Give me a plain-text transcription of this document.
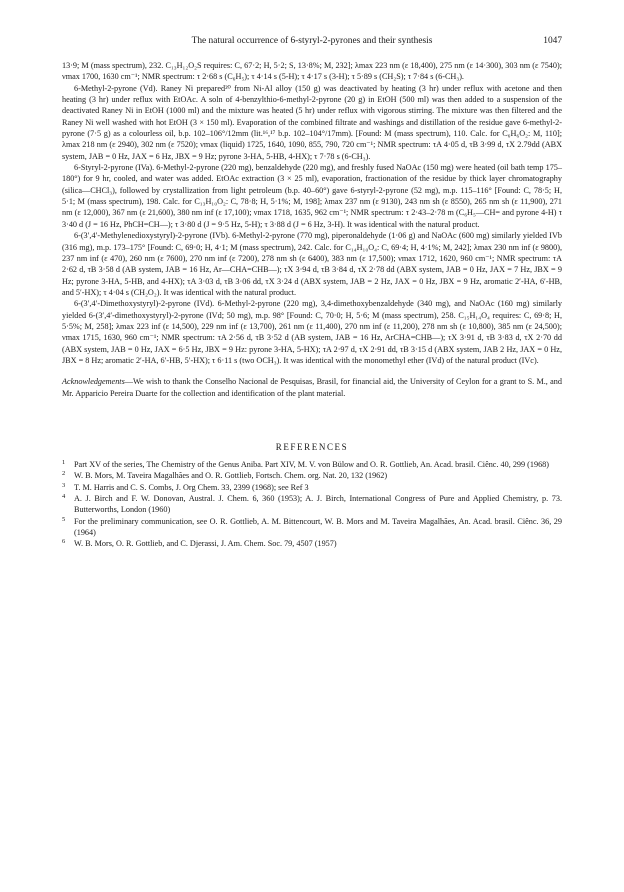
The natural occurrence of 6-styryl-2-pyrones and their synthesis	1047

13·9; M (mass spectrum), 232. C₁₃H₁₂O₂S requires: C, 67·2; H, 5·2; S, 13·8%; M, 232]; λmax 223 nm (ε 18,400), 275 nm (ε 14·300), 303 nm (ε 7540); νmax 1700, 1630 cm⁻¹; NMR spectrum: τ 2·68 s (C₆H₅); τ 4·14 s (5-H); τ 4·17 s (3-H); τ 5·89 s (CH₂S); τ 7·84 s (6-CH₃).

6-Methyl-2-pyrone (Vd). Raney Ni prepared²⁰ from Ni-Al alloy (150 g) was deactivated by heating (3 hr) under reflux with acetone and then heating (3 hr) under reflux with EtOAc. A soln of 4-benzylthio-6-methyl-2-pyrone (20 g) in EtOH (500 ml) was then added to a suspension of the deactivated Raney Ni in EtOH (1000 ml) and the mixture was heated (5 hr) under reflux with vigorous stirring. The mixture was then filtered and the Raney Ni well washed with hot EtOH (3 × 150 ml). Evaporation of the combined filtrate and washings and distillation of the residue gave 6-methyl-2-pyrone (7·5 g) as a colourless oil, b.p. 102–106°/12mm (lit.¹⁶,¹⁷ b.p. 102–104°/17mm). [Found: M (mass spectrum), 110. Calc. for C₆H₆O₂: M, 110]; λmax 218 nm (ε 2940), 302 nm (ε 7520); νmax (liquid) 1725, 1640, 1090, 855, 790, 720 cm⁻¹; NMR spectrum: τA 4·05 d, τB 3·99 d, τX 2.79dd (ABX system, JAB = 0 Hz, JAX = 6 Hz, JBX = 9 Hz; pyrone 3-HA, 5-HB, 4-HX); τ 7·78 s (6-CH₃).

6-Styryl-2-pyrone (IVa). 6-Methyl-2-pyrone (220 mg), benzaldehyde (220 mg), and freshly fused NaOAc (150 mg) were heated (oil bath temp 175–180°) for 9 hr, cooled, and water was added. EtOAc extraction (3 × 25 ml), evaporation, fractionation of the residue by thick layer chromatography (silica—CHCl₃), followed by crystallization from light petroleum (b.p. 40–60°) gave 6-styryl-2-pyrone (52 mg), m.p. 115–116° [Found: C, 78·5; H, 5·1; M (mass spectrum), 198. Calc. for C₁₃H₁₀O₂: C, 78·8; H, 5·1%; M, 198]; λmax 237 nm (ε 9130), 243 nm sh (ε 8550), 265 nm sh (ε 11,900), 271 nm (ε 12,000), 367 nm (ε 21,600), 380 nm inf (ε 17,100); νmax 1718, 1635, 962 cm⁻¹; NMR spectrum: τ 2·43–2·78 m (C₆H₅—CH= and pyrone 4-H) τ 3·40 d (J = 16 Hz, PhCH=CH—); τ 3·80 d (J = 9·5 Hz, 5-H); τ 3·88 d (J = 6 Hz, 3-H). It was identical with the natural product.

6-(3′,4′-Methylenedioxystyryl)-2-pyrone (IVb). 6-Methyl-2-pyrone (770 mg), piperonaldehyde (1·06 g) and NaOAc (600 mg) similarly yielded IVb (316 mg), m.p. 173–175° [Found: C, 69·0; H, 4·1; M (mass spectrum), 242. Calc. for C₁₄H₁₀O₄: C, 69·4; H, 4·1%; M, 242]; λmax 230 nm inf (ε 9800), 237 nm inf (ε 470), 260 nm (ε 7600), 270 nm inf (ε 7200), 278 nm sh (ε 6400), 383 nm (ε 17,500); νmax 1712, 1620, 960 cm⁻¹; NMR spectrum: τA 2·62 d, τB 3·58 d (AB system, JAB = 16 Hz, Ar—CHA=CHB—); τX 3·94 d, τB 3·84 d, τX 2·78 dd (ABX system, JAB = 0 Hz, JAX = 7 Hz, JBX = 9 Hz; pyrone 3-HA, 5-HB, and 4-HX); τA 3·03 d, τB 3·06 dd, τX 3·24 d (ABX system, JAB = 2 Hz, JAX = 0 Hz, JBX = 9 Hz, aromatic 2′-HA, 6′-HB, and 5′-HX); τ 4·04 s (CH₂O₂). It was identical with the natural product.

6-(3′,4′-Dimethoxystyryl)-2-pyrone (IVd). 6-Methyl-2-pyrone (220 mg), 3,4-dimethoxybenzaldehyde (340 mg), and NaOAc (160 mg) similarly yielded 6-(3′,4′-dimethoxystyryl)-2-pyrone (IVd; 50 mg), m.p. 98° [Found: C, 70·0; H, 5·6; M (mass spectrum), 258. C₁₅H₁₄O₄ requires: C, 69·8; H, 5·5%; M, 258]; λmax 223 inf (ε 14,500), 229 nm inf (ε 13,700), 261 nm (ε 11,400), 270 nm inf (ε 11,200), 278 nm sh (ε 10,800), 385 nm (ε 24,500); νmax 1715, 1630, 960 cm⁻¹; NMR spectrum: τA 2·56 d, τB 3·52 d (AB system, JAB = 16 Hz, ArCHA=CHB—); τX 3·91 d, τB 3·83 d, τX 2·70 dd (ABX system, JAB = 0 Hz, JAX = 6·5 Hz, JBX = 9 Hz: pyrone 3-HA, 5-HX); τA 2·97 d, τX 2·91 dd, τB 3·15 d (ABX system, JAB 2 Hz, JAX = 0 Hz, JBX = 8 Hz; aromatic 2′-HA, 6′-HB, 5′-HX); τ 6·11 s (two OCH₃). It was identical with the monomethyl ether (IVd) of the natural product (IVc).

Acknowledgements—We wish to thank the Conselho Nacional de Pesquisas, Brasil, for financial aid, the University of Ceylon for a grant to S. M., and Mr. Apparicio Pereira Duarte for the collection and identification of the plant material.

REFERENCES
1 Part XV of the series, The Chemistry of the Genus Aniba. Part XIV, M. V. von Bülow and O. R. Gottlieb, An. Acad. brasil. Ciênc. 40, 299 (1968)
2 W. B. Mors, M. Taveira Magalhães and O. R. Gottlieb, Fortsch. Chem. org. Nat. 20, 132 (1962)
3 T. M. Harris and C. S. Combs, J. Org Chem. 33, 2399 (1968); see Ref 3
4 A. J. Birch and F. W. Donovan, Austral. J. Chem. 6, 360 (1953); A. J. Birch, International Congress of Pure and Applied Chemistry, p. 73. Butterworths, London (1960)
5 For the preliminary communication, see O. R. Gottlieb, A. M. Bittencourt, W. B. Mors and M. Taveira Magalhães, An. Acad. brasil. Ciênc. 36, 29 (1964)
6 W. B. Mors, O. R. Gottlieb, and C. Djerassi, J. Am. Chem. Soc. 79, 4507 (1957)
